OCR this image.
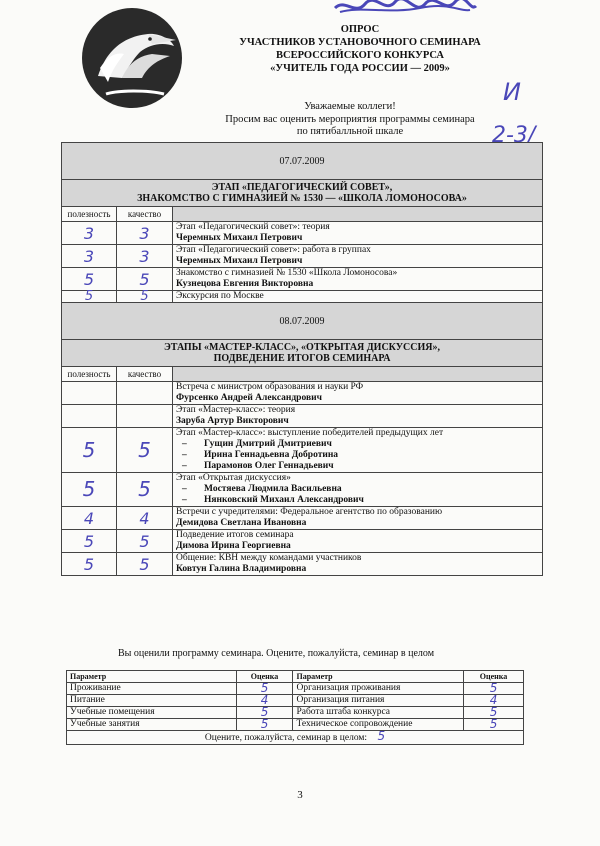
ОПРОС
УЧАСТНИКОВ УСТАНОВОЧНОГО СЕМИНАРА
ВСЕРОССИЙСКОГО КОНКУРСА
«УЧИТЕЛЬ ГОДА РОССИИ — 2009»
Уважаемые коллеги!
Просим вас оценить мероприятия программы семинара
по пятибалльной шкале
И
2-3/
07.07.2009		

ЭТАП «ПЕДАГОГИЧЕСКИЙ СОВЕТ»,
ЗНАКОМСТВО С ГИМНАЗИЕЙ № 1530 — «ШКОЛА ЛОМОНОСОВА»		

полезность	качество	
3	3	Этап «Педагогический совет»: теория
Черемных Михаил Петрович

3	3	Этап «Педагогический совет»: работа в группах
Черемных Михаил Петрович

5	5	Знакомство с гимназией № 1530 «Школа Ломоносова»
Кузнецова Евгения Викторовна

5	5	Экскурсия по Москве

08.07.2009		

ЭТАПЫ «МАСТЕР-КЛАСС», «ОТКРЫТАЯ ДИСКУССИЯ»,
ПОДВЕДЕНИЕ ИТОГОВ СЕМИНАРА		

полезность	качество	

		Встреча с министром образования и науки РФ
Фурсенко Андрей Александрович

		Этап «Мастер-класс»: теория
Заруба Артур Викторович

5	5	Этап «Мастер-класс»: выступление победителей предыдущих лет
– Гущин Дмитрий Дмитриевич
– Ирина Геннадьевна Добротина
– Парамонов Олег Геннадьевич

5	5	Этап «Открытая дискуссия»
– Мостяева Людмила Васильевна
– Нянковский Михаил Александрович

4	4	Встречи с учредителями: Федеральное агентство по образованию
Демидова Светлана Ивановна

5	5	Подведение итогов семинара
Димова Ирина Георгиевна

5	5	Общение: КВН между командами участников
Ковтун Галина Владимировна
Вы оценили программу семинара. Оцените, пожалуйста, семинар в целом
Параметр	Оценка	Параметр	Оценка
Проживание	5	Организация проживания	5
Питание	4	Организация питания	4
Учебные помещения	5	Работа штаба конкурса	5
Учебные занятия	5	Техническое сопровождение	5
Оцените, пожалуйста, семинар в целом: 5			
3
